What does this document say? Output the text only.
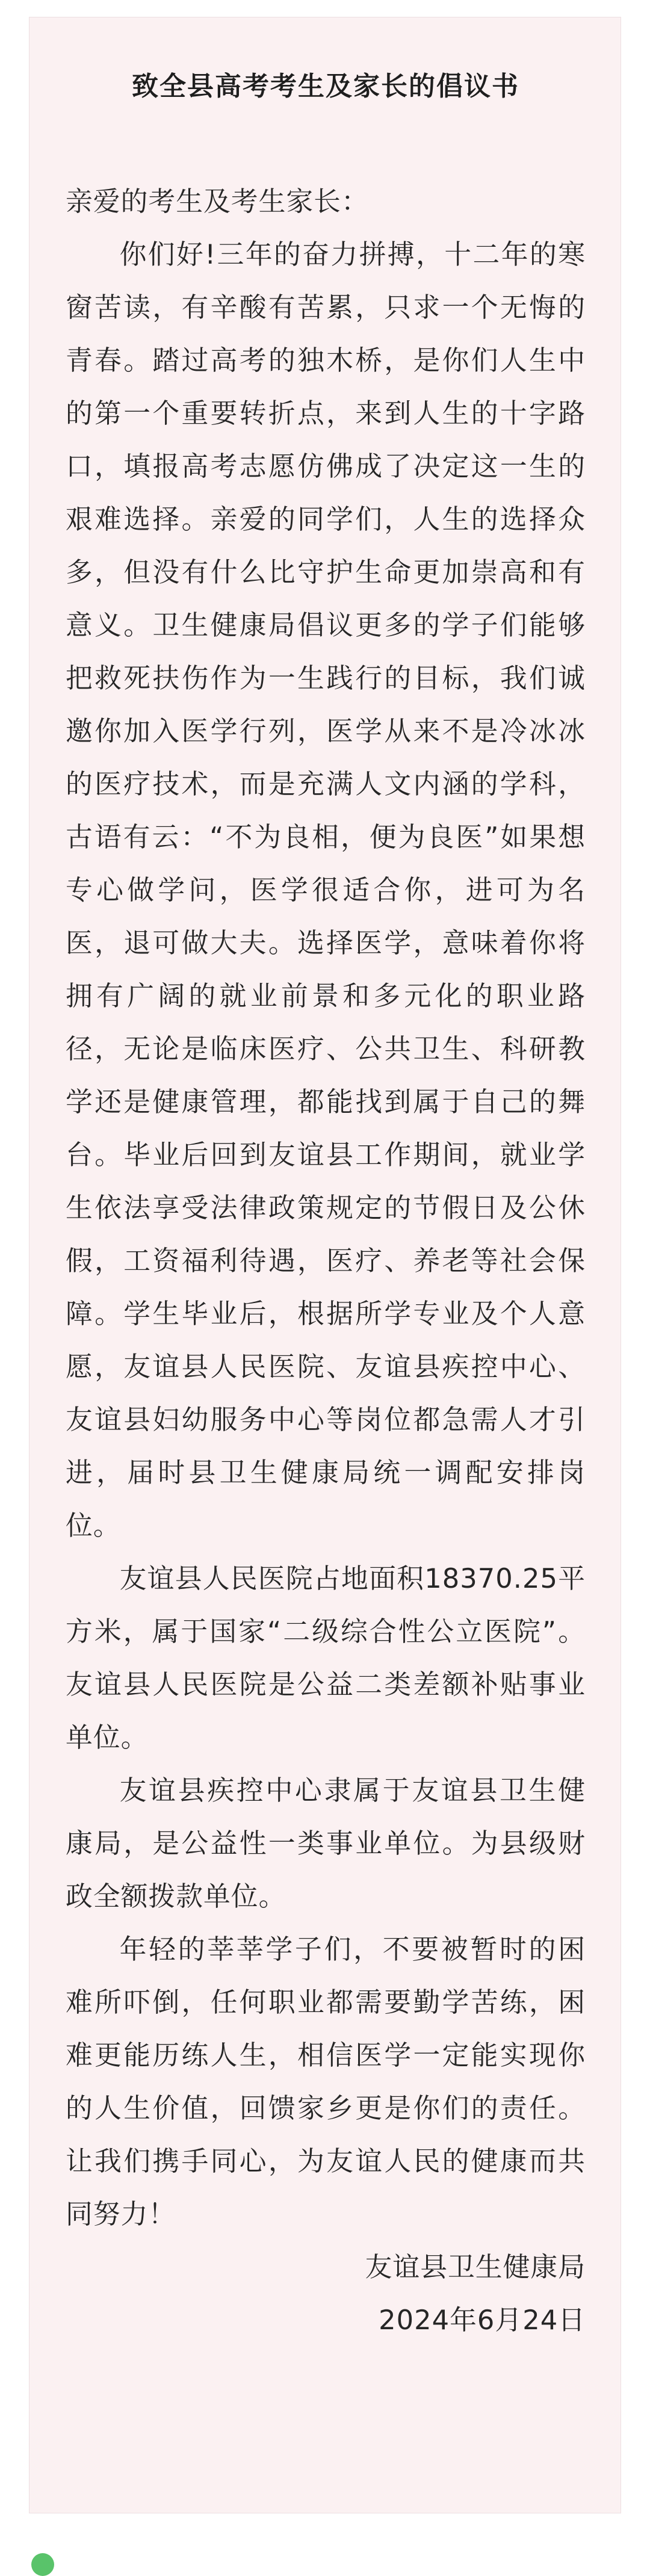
致全县高考考生及家长的倡议书

亲爱的考生及考生家长：

你们好!三年的奋力拼搏，十二年的寒窗苦读，有辛酸有苦累，只求一个无悔的青春。踏过高考的独木桥，是你们人生中的第一个重要转折点，来到人生的十字路口，填报高考志愿仿佛成了决定这一生的艰难选择。亲爱的同学们，人生的选择众多，但没有什么比守护生命更加崇高和有意义。卫生健康局倡议更多的学子们能够把救死扶伤作为一生践行的目标，我们诚邀你加入医学行列，医学从来不是冷冰冰的医疗技术，而是充满人文内涵的学科，古语有云：“不为良相，便为良医”如果想专心做学问，医学很适合你，进可为名医，退可做大夫。选择医学，意味着你将拥有广阔的就业前景和多元化的职业路径，无论是临床医疗、公共卫生、科研教学还是健康管理，都能找到属于自己的舞台。毕业后回到友谊县工作期间，就业学生依法享受法律政策规定的节假日及公休假，工资福利待遇，医疗、养老等社会保障。学生毕业后，根据所学专业及个人意愿，友谊县人民医院、友谊县疾控中心、友谊县妇幼服务中心等岗位都急需人才引进，届时县卫生健康局统一调配安排岗位。

友谊县人民医院占地面积18370.25平方米，属于国家“二级综合性公立医院”。友谊县人民医院是公益二类差额补贴事业单位。

友谊县疾控中心隶属于友谊县卫生健康局，是公益性一类事业单位。为县级财政全额拨款单位。

年轻的莘莘学子们，不要被暂时的困难所吓倒，任何职业都需要勤学苦练，困难更能历练人生，相信医学一定能实现你的人生价值，回馈家乡更是你们的责任。让我们携手同心，为友谊人民的健康而共同努力！

友谊县卫生健康局

2024年6月24日
